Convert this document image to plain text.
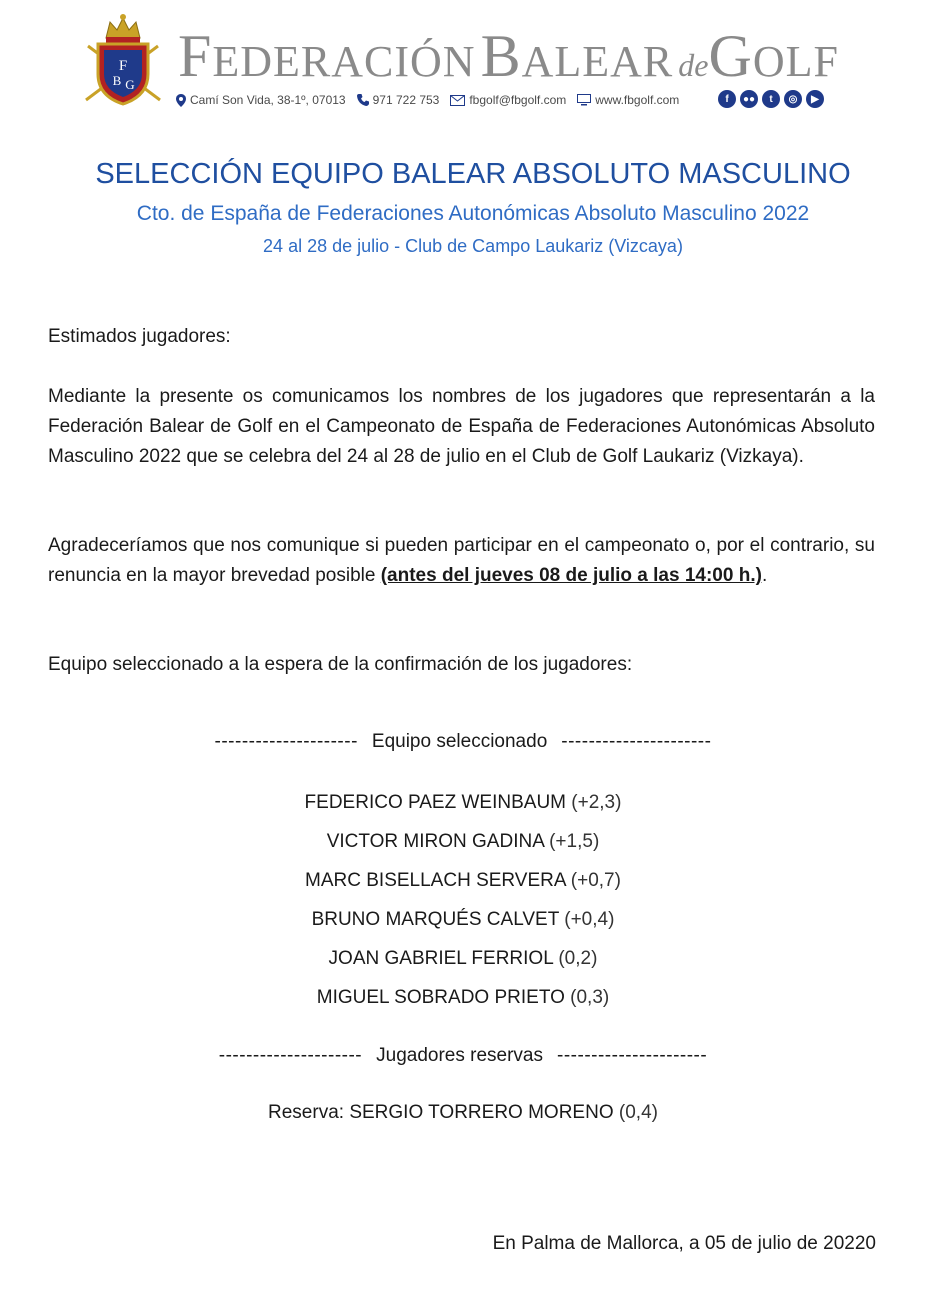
F
B G FEDERACIÓN BALEAR deGOLF
Camí Son Vida, 38-1º, 07013 971 722 753	fbgolf@fbgolf.com www.fbgolf.com	f	●●	t	◎	▶
SELECCIÓN EQUIPO BALEAR ABSOLUTO MASCULINO
Cto. de España de Federaciones Autonómicas Absoluto Masculino 2022
24 al 28 de julio - Club de Campo Laukariz (Vizcaya)
Estimados jugadores:
Mediante la presente os comunicamos los nombres de los jugadores que representarán a la Federación Balear de Golf en el Campeonato de España de Federaciones Autonómicas Absoluto Masculino 2022 que se celebra del 24 al 28 de julio en el Club de Golf Laukariz (Vizkaya).
Agradeceríamos que nos comunique si pueden participar en el campeonato o, por el contrario, su renuncia en la mayor brevedad posible (antes del jueves 08 de julio a las 14:00 h.).
Equipo seleccionado a la espera de la confirmación de los jugadores:
--------------------- Equipo seleccionado ----------------------
FEDERICO PAEZ WEINBAUM (+2,3)
VICTOR MIRON GADINA (+1,5)
MARC BISELLACH SERVERA (+0,7)
BRUNO MARQUÉS CALVET (+0,4)
JOAN GABRIEL FERRIOL (0,2)
MIGUEL SOBRADO PRIETO (0,3)
--------------------- Jugadores reservas ----------------------
Reserva: SERGIO TORRERO MORENO (0,4)
En Palma de Mallorca, a 05 de julio de 20220
